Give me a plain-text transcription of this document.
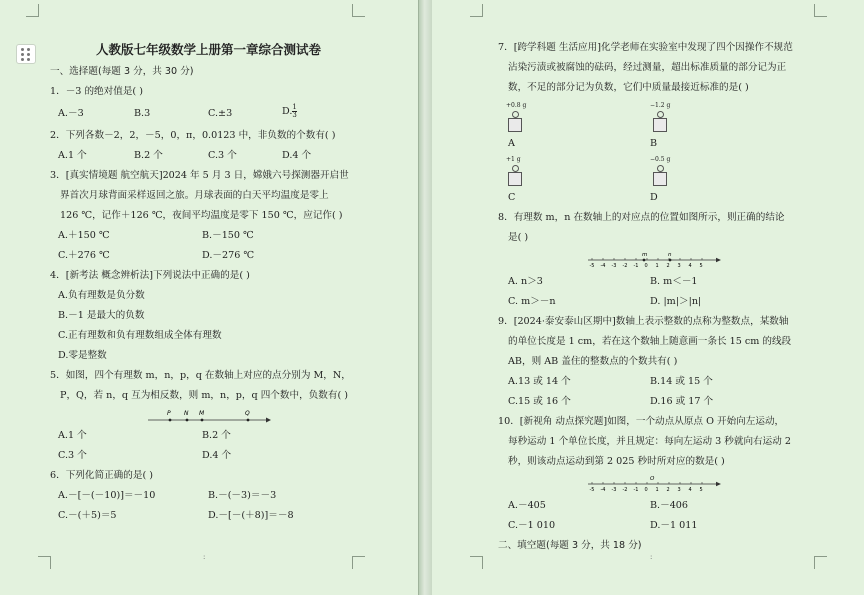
人教版七年级数学上册第一章综合测试卷
一、选择题(每题 3 分，共 30 分)
1．－3 的绝对值是( )
A.－3	B.3	C.±3	D. $\frac{1}{3}$
2．下列各数－2，2，－5，0，π，0.0123 中，非负数的个数有( )
A.1 个	B.2 个	C.3 个	D.4 个
3．[真实情境题 航空航天]2024 年 5 月 3 日，嫦娥六号探测器开启世
界首次月球背面采样返回之旅。月球表面的白天平均温度是零上
126 ℃，记作＋126 ℃，夜间平均温度是零下 150 ℃，应记作( )
A.＋150 ℃	B.－150 ℃
C.＋276 ℃	D.－276 ℃
4．[新考法 概念辨析法]下列说法中正确的是( )
A.负有理数是负分数
B.－1 是最大的负数
C.正有理数和负有理数组成全体有理数
D.零是整数
5．如图，四个有理数 m，n，p，q 在数轴上对应的点分别为 M，N，
P，Q，若 n，q 互为相反数，则 m，n，p，q 四个数中，负数有( )
P N M	Q
A.1 个	B.2 个
C.3 个	D.4 个
6．下列化简正确的是( )
A.－[－(－10)]＝－10	B.－(－3)＝－3
C.－(＋5)＝5	D.－[－(＋8)]＝－8
:
7．[跨学科题 生活应用]化学老师在实验室中发现了四个因操作不规范
沾染污渍或被腐蚀的砝码，经过测量，超出标准质量的部分记为正
数，不足的部分记为负数，它们中质量最接近标准的是( )
+0.8 g
A
−1.2 g
B
+1 g
C
−0.5 g
D
8．有理数 m，n 在数轴上的对应点的位置如图所示，则正确的结论
是( )
-5 -4 -3 -2 -1 0 1 2 3 4 5
m	n
A. n＞3	B. m＜－1
C. m＞－n	D. |m|＞|n|
9．[2024·泰安泰山区期中]数轴上表示整数的点称为整数点，某数轴
的单位长度是 1 cm，若在这个数轴上随意画一条长 15 cm 的线段
AB，则 AB 盖住的整数点的个数共有( )
A.13 或 14 个	B.14 或 15 个
C.15 或 16 个	D.16 或 17 个
10．[新视角 动点探究题]如图，一个动点从原点 O 开始向左运动，
每秒运动 1 个单位长度，并且规定：每向左运动 3 秒就向右运动 2
秒，则该动点运动到第 2 025 秒时所对应的数是( )
-5 -4 -3 -2 -1 0 1 2 3 4 5
O
A.－405	B.－406
C.－1 010	D.－1 011
二、填空题(每题 3 分，共 18 分)
:
